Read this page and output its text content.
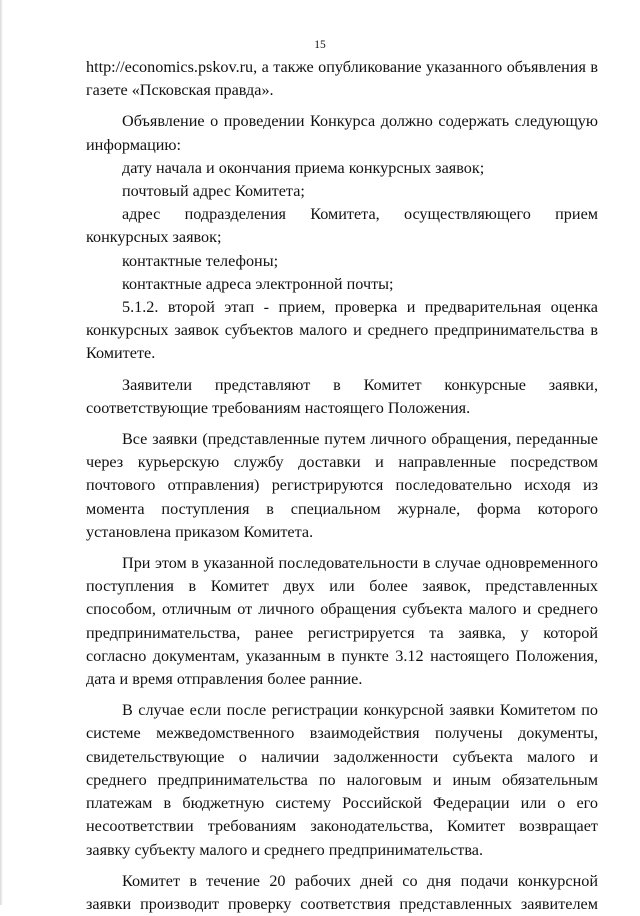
15

http://economics.pskov.ru, а также опубликование указанного объявления в газете «Псковская правда».

Объявление о проведении Конкурса должно содержать следующую информацию:

дату начала и окончания приема конкурсных заявок;

почтовый адрес Комитета;

адрес подразделения Комитета, осуществляющего прием конкурсных заявок;

контактные телефоны;

контактные адреса электронной почты;

5.1.2. второй этап - прием, проверка и предварительная оценка конкурсных заявок субъектов малого и среднего предпринимательства в Комитете.

Заявители представляют в Комитет конкурсные заявки, соответствующие требованиям настоящего Положения.

Все заявки (представленные путем личного обращения, переданные через курьерскую службу доставки и направленные посредством почтового отправления) регистрируются последовательно исходя из момента поступления в специальном журнале, форма которого установлена приказом Комитета.

При этом в указанной последовательности в случае одновременного поступления в Комитет двух или более заявок, представленных способом, отличным от личного обращения субъекта малого и среднего предпринимательства, ранее регистрируется та заявка, у которой согласно документам, указанным в пункте 3.12 настоящего Положения, дата и время отправления более ранние.

В случае если после регистрации конкурсной заявки Комитетом по системе межведомственного взаимодействия получены документы, свидетельствующие о наличии задолженности субъекта малого и среднего предпринимательства по налоговым и иным обязательным платежам в бюджетную систему Российской Федерации или о его несоответствии требованиям законодательства, Комитет возвращает заявку субъекту малого и среднего предпринимательства.

Комитет в течение 20 рабочих дней со дня подачи конкурсной заявки производит проверку соответствия представленных заявителем
